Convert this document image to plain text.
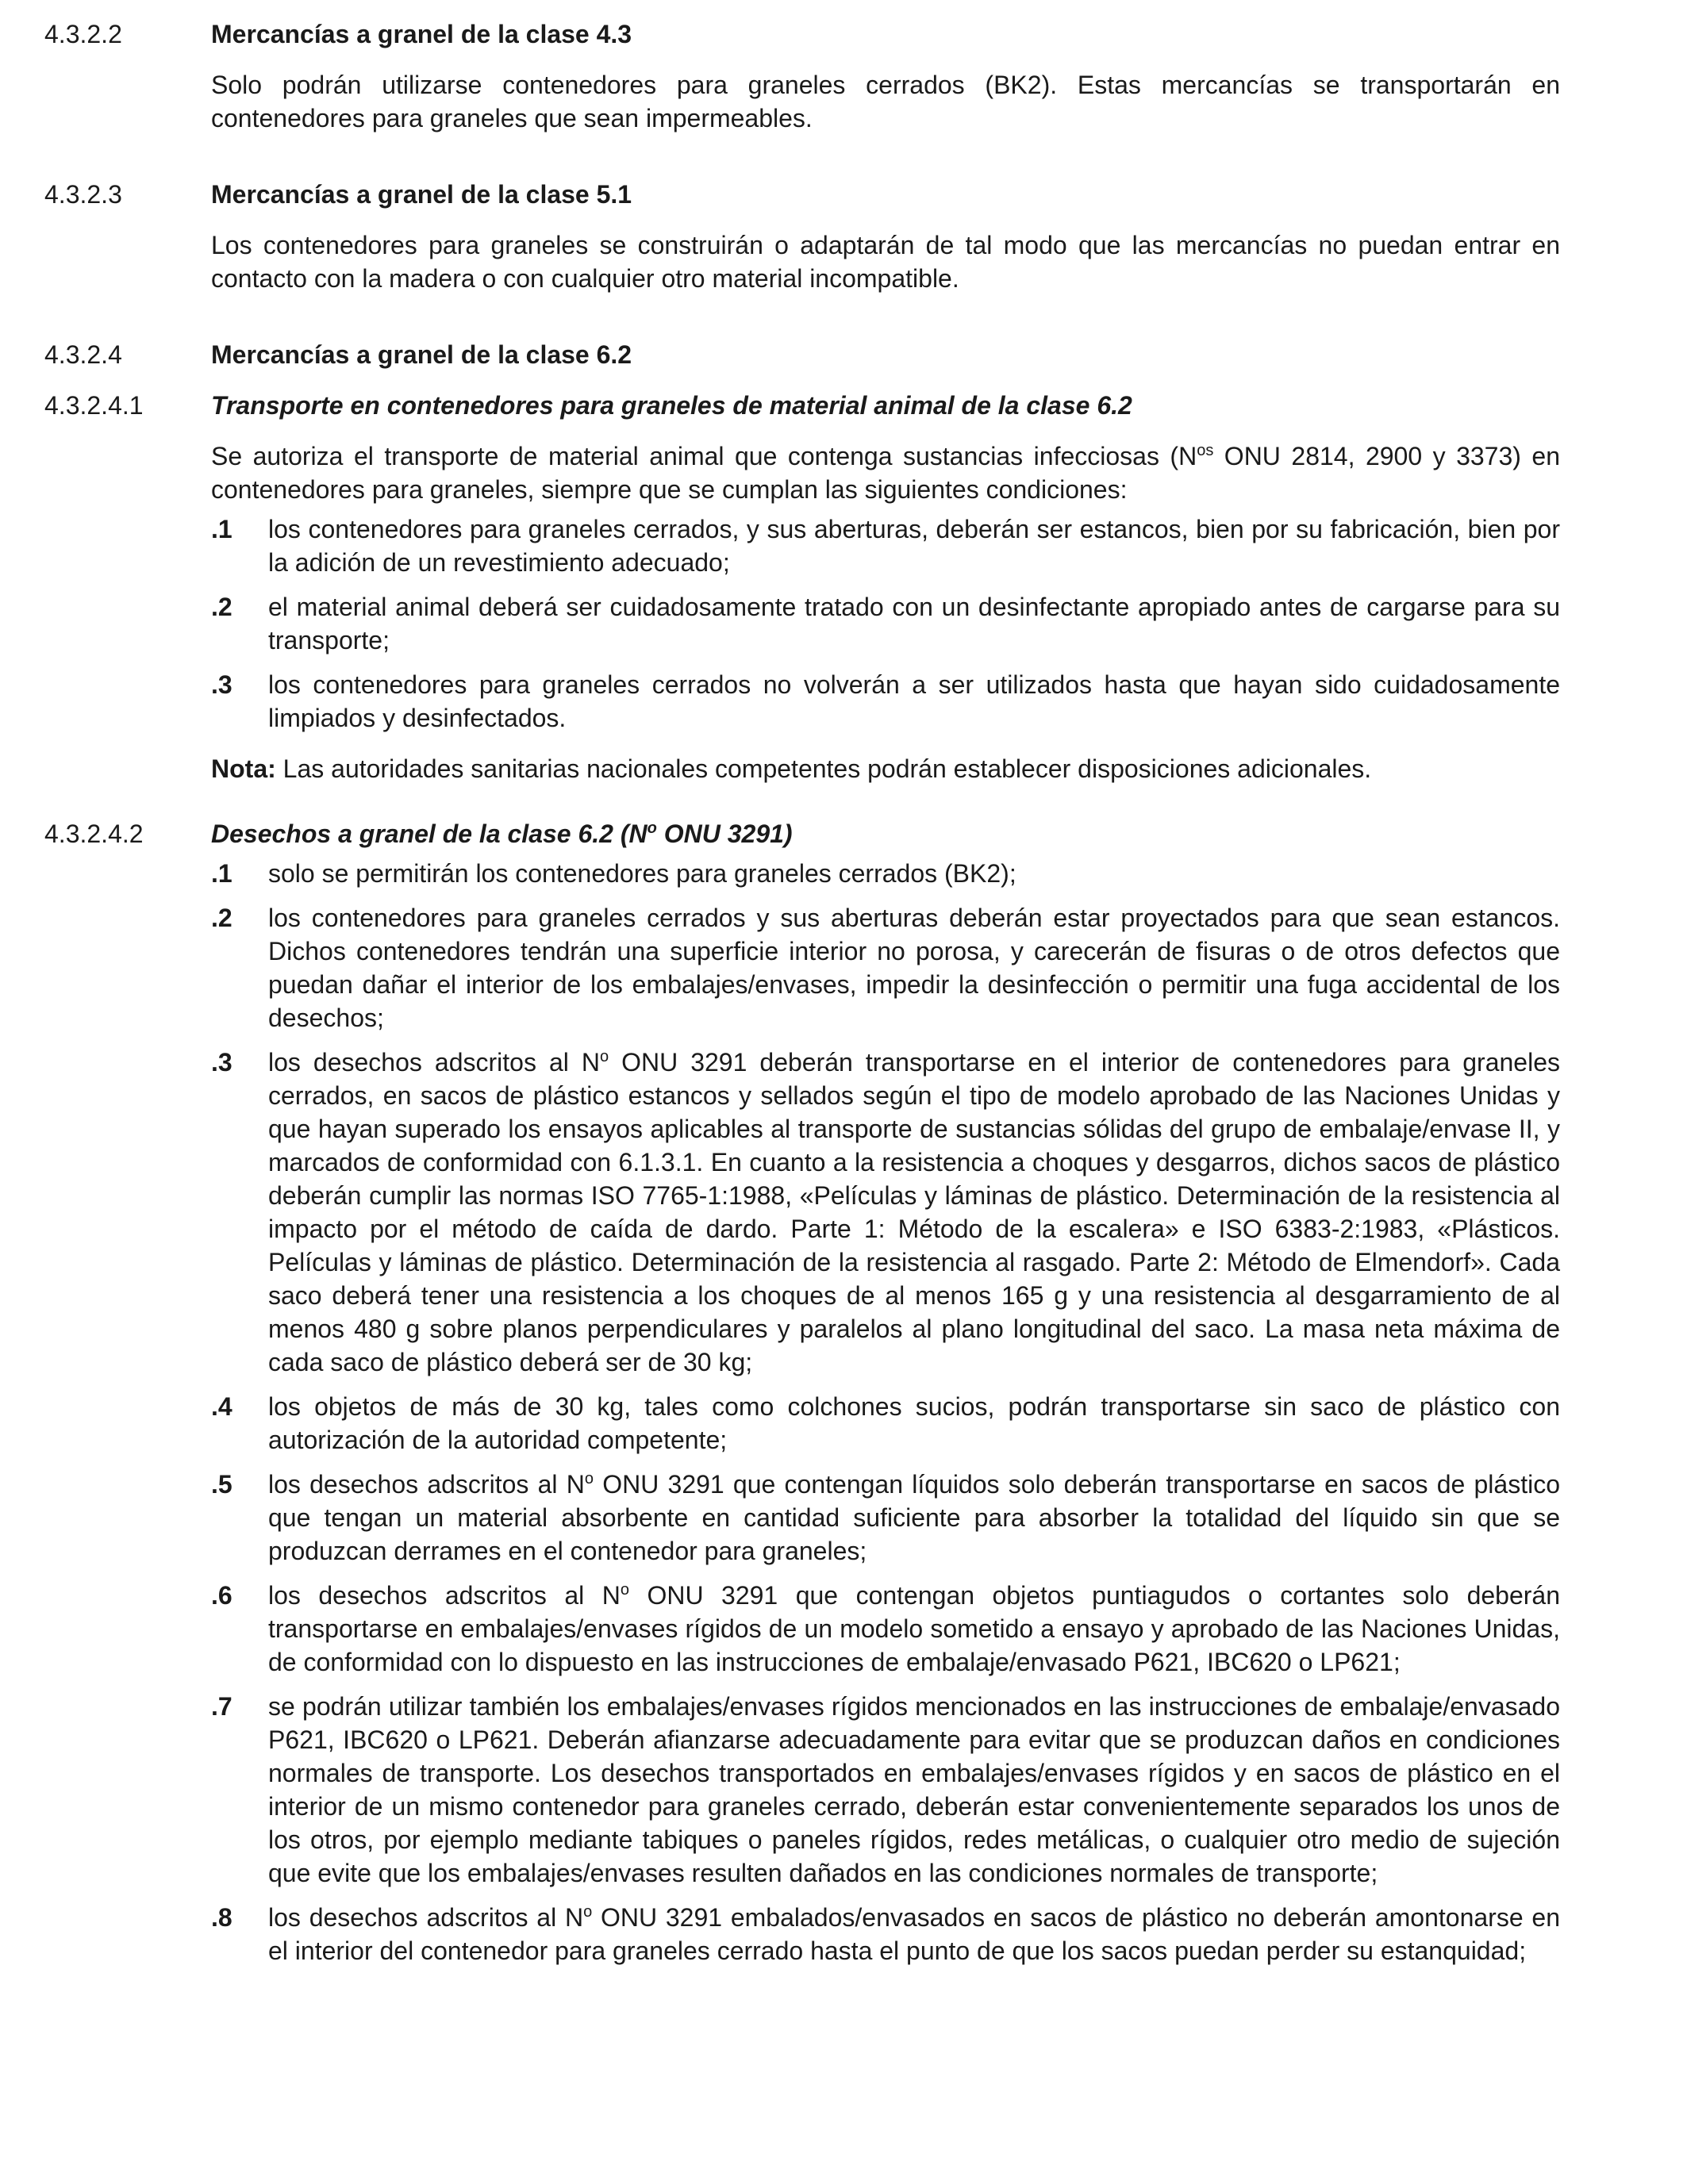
4.3.2.2	Mercancías a granel de la clase 4.3

Solo podrán utilizarse contenedores para graneles cerrados (BK2). Estas mercancías se transportarán en contenedores para graneles que sean impermeables.

4.3.2.3	Mercancías a granel de la clase 5.1

Los contenedores para graneles se construirán o adaptarán de tal modo que las mercancías no puedan entrar en contacto con la madera o con cualquier otro material incompatible.

4.3.2.4	Mercancías a granel de la clase 6.2
4.3.2.4.1	Transporte en contenedores para graneles de material animal de la clase 6.2

Se autoriza el transporte de material animal que contenga sustancias infecciosas ($N^{os}$ ONU 2814, 2900 y 3373) en contenedores para graneles, siempre que se cumplan las siguientes condiciones:

.1	los contenedores para graneles cerrados, y sus aberturas, deberán ser estancos, bien por su fabricación, bien por la adición de un revestimiento adecuado;
.2	el material animal deberá ser cuidadosamente tratado con un desinfectante apropiado antes de cargarse para su transporte;
.3	los contenedores para graneles cerrados no volverán a ser utilizados hasta que hayan sido cuidadosamente limpiados y desinfectados.

Nota: Las autoridades sanitarias nacionales competentes podrán establecer disposiciones adicionales.

4.3.2.4.2	Desechos a granel de la clase 6.2 ($N^o$ ONU 3291)
.1	solo se permitirán los contenedores para graneles cerrados (BK2);
.2	los contenedores para graneles cerrados y sus aberturas deberán estar proyectados para que sean estancos. Dichos contenedores tendrán una superficie interior no porosa, y carecerán de fisuras o de otros defectos que puedan dañar el interior de los embalajes/envases, impedir la desinfección o permitir una fuga accidental de los desechos;
.3	los desechos adscritos al $N^o$ ONU 3291 deberán transportarse en el interior de contenedores para graneles cerrados, en sacos de plástico estancos y sellados según el tipo de modelo aprobado de las Naciones Unidas y que hayan superado los ensayos aplicables al transporte de sustancias sólidas del grupo de embalaje/envase II, y marcados de conformidad con 6.1.3.1. En cuanto a la resistencia a choques y desgarros, dichos sacos de plástico deberán cumplir las normas ISO 7765-1:1988, «Películas y láminas de plástico. Determinación de la resistencia al impacto por el método de caída de dardo. Parte 1: Método de la escalera» e ISO 6383-2:1983, «Plásticos. Películas y láminas de plástico. Determinación de la resistencia al rasgado. Parte 2: Método de Elmendorf». Cada saco deberá tener una resistencia a los choques de al menos 165 g y una resistencia al desgarramiento de al menos 480 g sobre planos perpendiculares y paralelos al plano longitudinal del saco. La masa neta máxima de cada saco de plástico deberá ser de 30 kg;
.4	los objetos de más de 30 kg, tales como colchones sucios, podrán transportarse sin saco de plástico con autorización de la autoridad competente;
.5	los desechos adscritos al $N^o$ ONU 3291 que contengan líquidos solo deberán transportarse en sacos de plástico que tengan un material absorbente en cantidad suficiente para absorber la totalidad del líquido sin que se produzcan derrames en el contenedor para graneles;
.6	los desechos adscritos al $N^o$ ONU 3291 que contengan objetos puntiagudos o cortantes solo deberán transportarse en embalajes/envases rígidos de un modelo sometido a ensayo y aprobado de las Naciones Unidas, de conformidad con lo dispuesto en las instrucciones de embalaje/envasado P621, IBC620 o LP621;
.7	se podrán utilizar también los embalajes/envases rígidos mencionados en las instrucciones de embalaje/envasado P621, IBC620 o LP621. Deberán afianzarse adecuadamente para evitar que se produzcan daños en condiciones normales de transporte. Los desechos transportados en embalajes/envases rígidos y en sacos de plástico en el interior de un mismo contenedor para graneles cerrado, deberán estar convenientemente separados los unos de los otros, por ejemplo mediante tabiques o paneles rígidos, redes metálicas, o cualquier otro medio de sujeción que evite que los embalajes/envases resulten dañados en las condiciones normales de transporte;
.8	los desechos adscritos al $N^o$ ONU 3291 embalados/envasados en sacos de plástico no deberán amontonarse en el interior del contenedor para graneles cerrado hasta el punto de que los sacos puedan perder su estanquidad;
